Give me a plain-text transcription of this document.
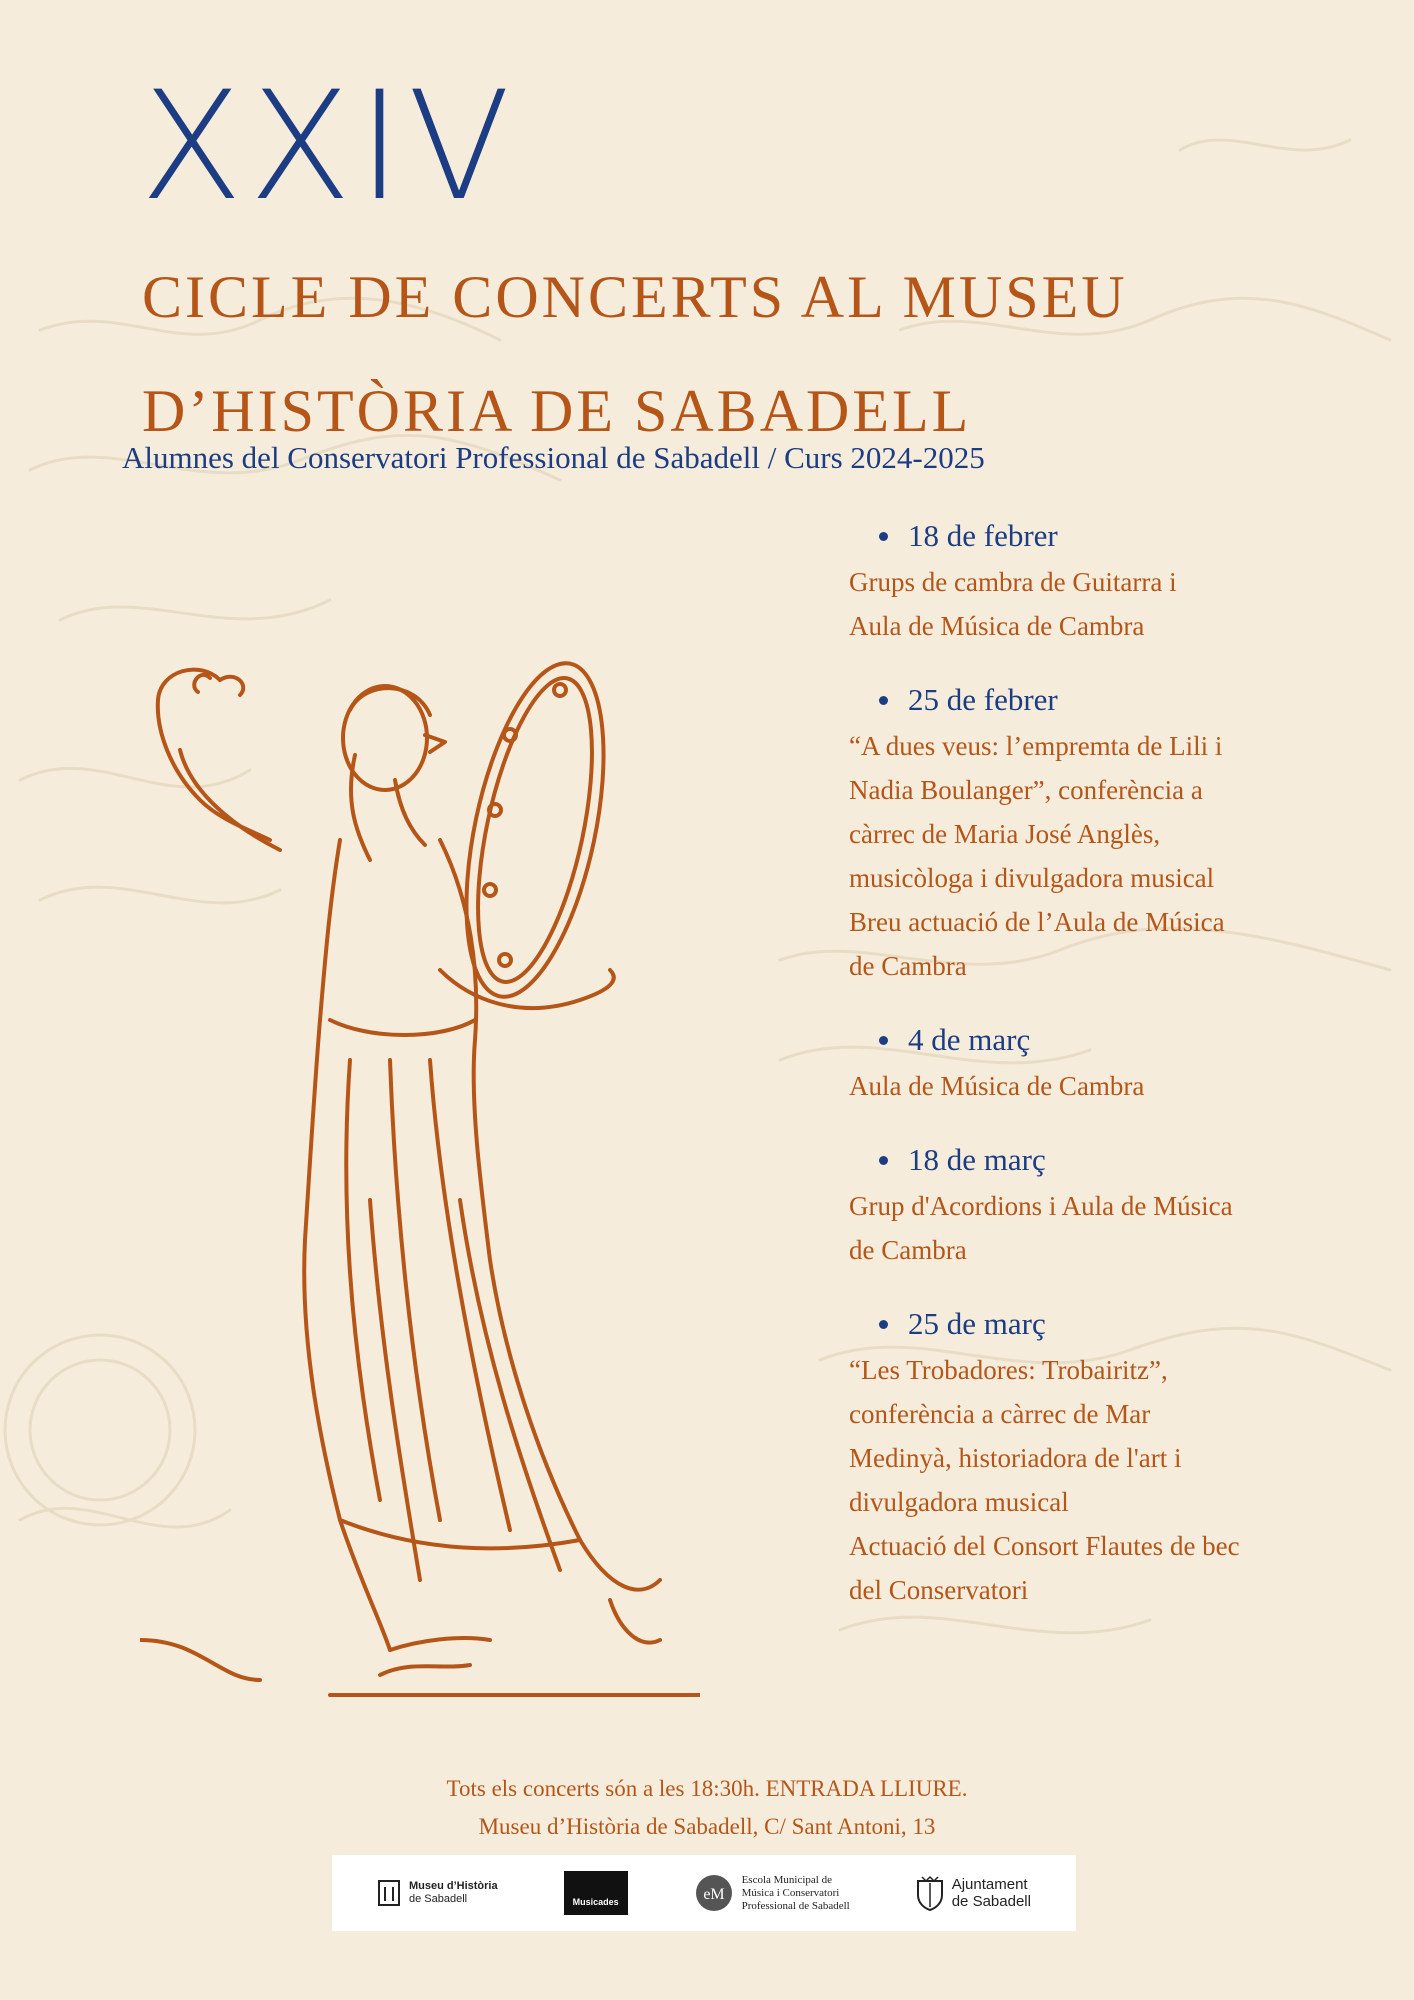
XXIV
CICLE DE CONCERTS AL MUSEU
D’HISTÒRIA DE SABADELL
Alumnes del Conservatori Professional de Sabadell / Curs 2024-2025
18 de febrer
Grups de cambra de Guitarra i
Aula de Música de Cambra
25 de febrer
“A dues veus: l’empremta de Lili i
Nadia Boulanger”, conferència a
càrrec de Maria José Anglès,
musicòloga i divulgadora musical
Breu actuació de l’Aula de Música
de Cambra
4 de març
Aula de Música de Cambra
18 de març
Grup d'Acordions i Aula de Música
de Cambra
25 de març
“Les Trobadores: Trobairitz”,
conferència a càrrec de Mar
Medinyà, historiadora de l'art i
divulgadora musical
Actuació del Consort Flautes de bec
del Conservatori
Tots els concerts són a les 18:30h. ENTRADA LLIURE.
Museu d’Història de Sabadell, C/ Sant Antoni, 13
Museu d’Història
de Sabadell	Musicades	eM
Escola Municipal de
Música i Conservatori
Professional de Sabadell
Ajuntament
de Sabadell
